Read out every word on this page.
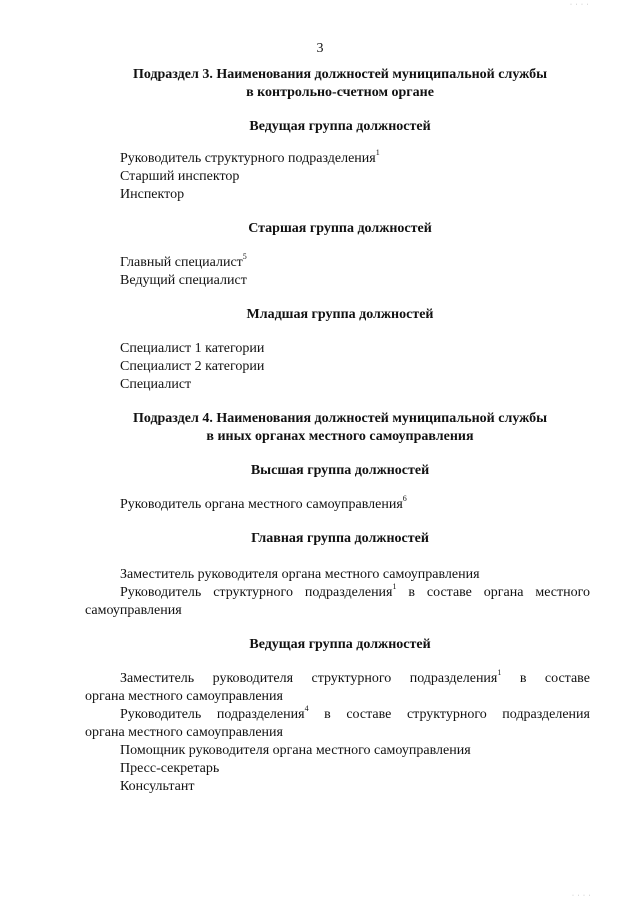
3
Подраздел 3. Наименования должностей муниципальной службы
в контрольно-счетном органе
Ведущая группа должностей
Руководитель структурного подразделения$^1$
Старший инспектор
Инспектор
Старшая группа должностей
Главный специалист$^5$
Ведущий специалист
Младшая группа должностей
Специалист 1 категории
Специалист 2 категории
Специалист
Подраздел 4. Наименования должностей муниципальной службы
в иных органах местного самоуправления
Высшая группа должностей
Руководитель органа местного самоуправления$^6$
Главная группа должностей
Заместитель руководителя органа местного самоуправления
Руководитель структурного подразделения$^1$ в составе органа местного
самоуправления
Ведущая группа должностей
Заместитель руководителя структурного подразделения$^1$ в составе
органа местного самоуправления
Руководитель подразделения$^4$ в составе структурного подразделения
органа местного самоуправления
Помощник руководителя органа местного самоуправления
Пресс-секретарь
Консультант
· · · ·
· · · ·
